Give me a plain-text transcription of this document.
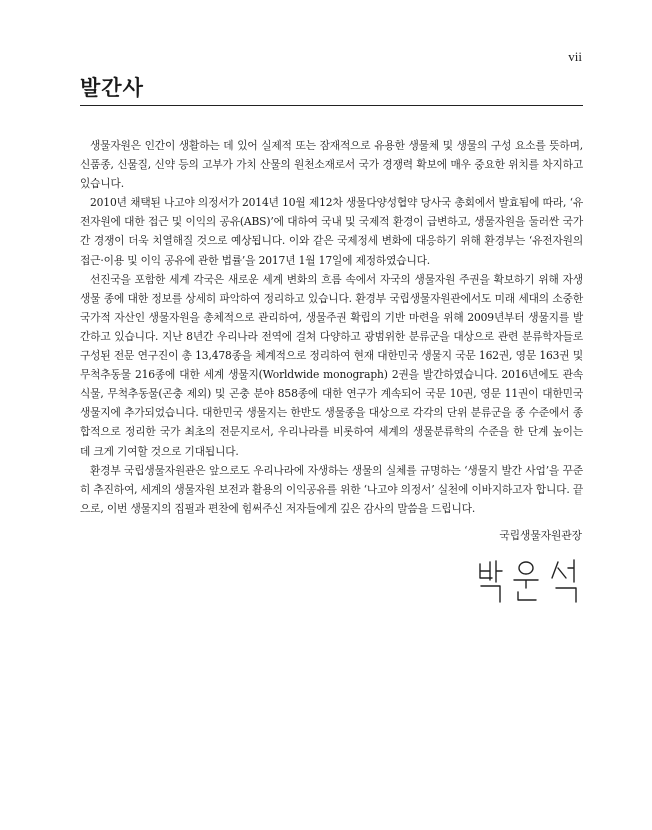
vii
발간사

생물자원은 인간이 생활하는 데 있어 실제적 또는 잠재적으로 유용한 생물체 및 생물의 구성 요소를 뜻하며, 신품종, 신물질, 신약 등의 고부가 가치 산물의 원천소재로서 국가 경쟁력 확보에 매우 중요한 위치를 차지하고 있습니다.

2010년 채택된 나고야 의정서가 2014년 10월 제12차 생물다양성협약 당사국 총회에서 발효됨에 따라, ‘유전자원에 대한 접근 및 이익의 공유(ABS)’에 대하여 국내 및 국제적 환경이 급변하고, 생물자원을 둘러싼 국가 간 경쟁이 더욱 치열해질 것으로 예상됩니다. 이와 같은 국제정세 변화에 대응하기 위해 환경부는 ‘유전자원의 접근·이용 및 이익 공유에 관한 법률’을 2017년 1월 17일에 제정하였습니다.

선진국을 포함한 세계 각국은 새로운 세계 변화의 흐름 속에서 자국의 생물자원 주권을 확보하기 위해 자생생물 종에 대한 정보를 상세히 파악하여 정리하고 있습니다. 환경부 국립생물자원관에서도 미래 세대의 소중한 국가적 자산인 생물자원을 총체적으로 관리하여, 생물주권 확립의 기반 마련을 위해 2009년부터 생물지를 발간하고 있습니다. 지난 8년간 우리나라 전역에 걸쳐 다양하고 광범위한 분류군을 대상으로 관련 분류학자들로 구성된 전문 연구진이 총 13,478종을 체계적으로 정리하여 현재 대한민국 생물지 국문 162권, 영문 163권 및 무척추동물 216종에 대한 세계 생물지(Worldwide monograph) 2권을 발간하였습니다. 2016년에도 관속식물, 무척추동물(곤충 제외) 및 곤충 분야 858종에 대한 연구가 계속되어 국문 10권, 영문 11권이 대한민국 생물지에 추가되었습니다. 대한민국 생물지는 한반도 생물종을 대상으로 각각의 단위 분류군을 종 수준에서 종합적으로 정리한 국가 최초의 전문지로서, 우리나라를 비롯하여 세계의 생물분류학의 수준을 한 단계 높이는 데 크게 기여할 것으로 기대됩니다.

환경부 국립생물자원관은 앞으로도 우리나라에 자생하는 생물의 실체를 규명하는 ‘생물지 발간 사업’을 꾸준히 추진하여, 세계의 생물자원 보전과 활용의 이익공유를 위한 ‘나고야 의정서’ 실천에 이바지하고자 합니다. 끝으로, 이번 생물지의 집필과 편찬에 힘써주신 저자들에게 깊은 감사의 말씀을 드립니다.

국립생물자원관장
